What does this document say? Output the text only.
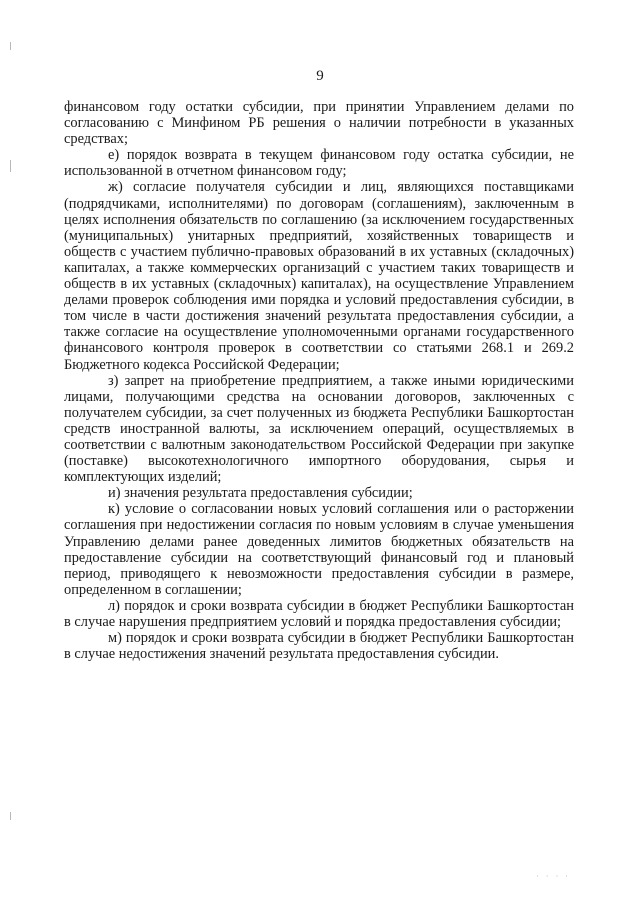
9

финансовом году остатки субсидии, при принятии Управлением делами по согласованию с Минфином РБ решения о наличии потребности в указанных средствах;

е) порядок возврата в текущем финансовом году остатка субсидии, не использованной в отчетном финансовом году;

ж) согласие получателя субсидии и лиц, являющихся поставщиками (подрядчиками, исполнителями) по договорам (соглашениям), заключенным в целях исполнения обязательств по соглашению (за исключением государственных (муниципальных) унитарных предприятий, хозяйственных товариществ и обществ с участием публично-правовых образований в их уставных (складочных) капиталах, а также коммерческих организаций с участием таких товариществ и обществ в их уставных (складочных) капиталах), на осуществление Управлением делами проверок соблюдения ими порядка и условий предоставления субсидии, в том числе в части достижения значений результата предоставления субсидии, а также согласие на осуществление уполномоченными органами государственного финансового контроля проверок в соответствии со статьями 268.1 и 269.2 Бюджетного кодекса Российской Федерации;

з) запрет на приобретение предприятием, а также иными юридическими лицами, получающими средства на основании договоров, заключенных с получателем субсидии, за счет полученных из бюджета Республики Башкортостан средств иностранной валюты, за исключением операций, осуществляемых в соответствии с валютным законодательством Российской Федерации при закупке (поставке) высокотехнологичного импортного оборудования, сырья и комплектующих изделий;

и) значения результата предоставления субсидии;

к) условие о согласовании новых условий соглашения или о расторжении соглашения при недостижении согласия по новым условиям в случае уменьшения Управлению делами ранее доведенных лимитов бюджетных обязательств на предоставление субсидии на соответствующий финансовый год и плановый период, приводящего к невозможности предоставления субсидии в размере, определенном в соглашении;

л) порядок и сроки возврата субсидии в бюджет Республики Башкортостан в случае нарушения предприятием условий и порядка предоставления субсидии;

м) порядок и сроки возврата субсидии в бюджет Республики Башкортостан в случае недостижения значений результата предоставления субсидии.

· · · ·
